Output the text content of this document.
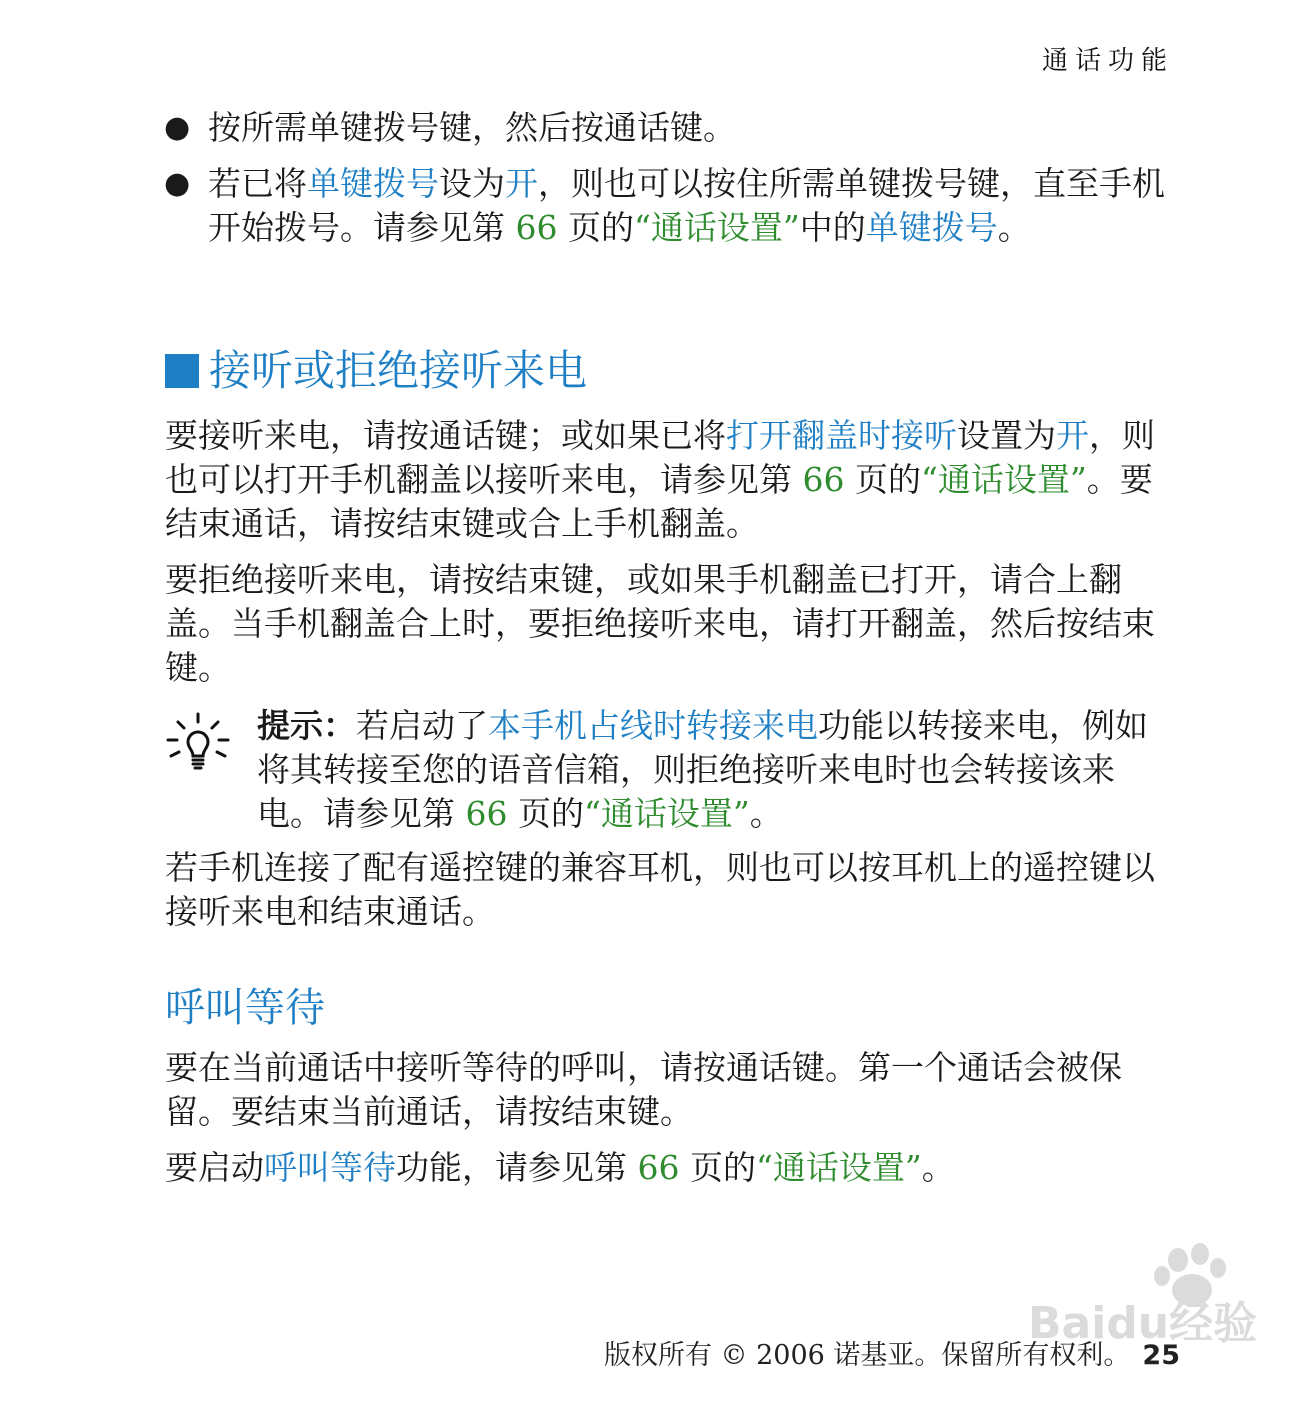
通话功能
● 按所需单键拨号键，然后按通话键。
● 若已将单键拨号设为开，则也可以按住所需单键拨号键，直至手机开始拨号。请参见第 66 页的“通话设置”中的单键拨号。
接听或拒绝接听来电
要接听来电，请按通话键；或如果已将打开翻盖时接听设置为开，则也可以打开手机翻盖以接听来电，请参见第 66 页的“通话设置”。要结束通话，请按结束键或合上手机翻盖。
要拒绝接听来电，请按结束键，或如果手机翻盖已打开，请合上翻盖。当手机翻盖合上时，要拒绝接听来电，请打开翻盖，然后按结束键。
提示：若启动了本手机占线时转接来电功能以转接来电，例如将其转接至您的语音信箱，则拒绝接听来电时也会转接该来电。请参见第 66 页的“通话设置”。
若手机连接了配有遥控键的兼容耳机，则也可以按耳机上的遥控键以接听来电和结束通话。
呼叫等待
要在当前通话中接听等待的呼叫，请按通话键。第一个通话会被保留。要结束当前通话，请按结束键。
要启动呼叫等待功能，请参见第 66 页的“通话设置”。
Baidu经验
版权所有 © 2006 诺基亚。保留所有权利。 25
